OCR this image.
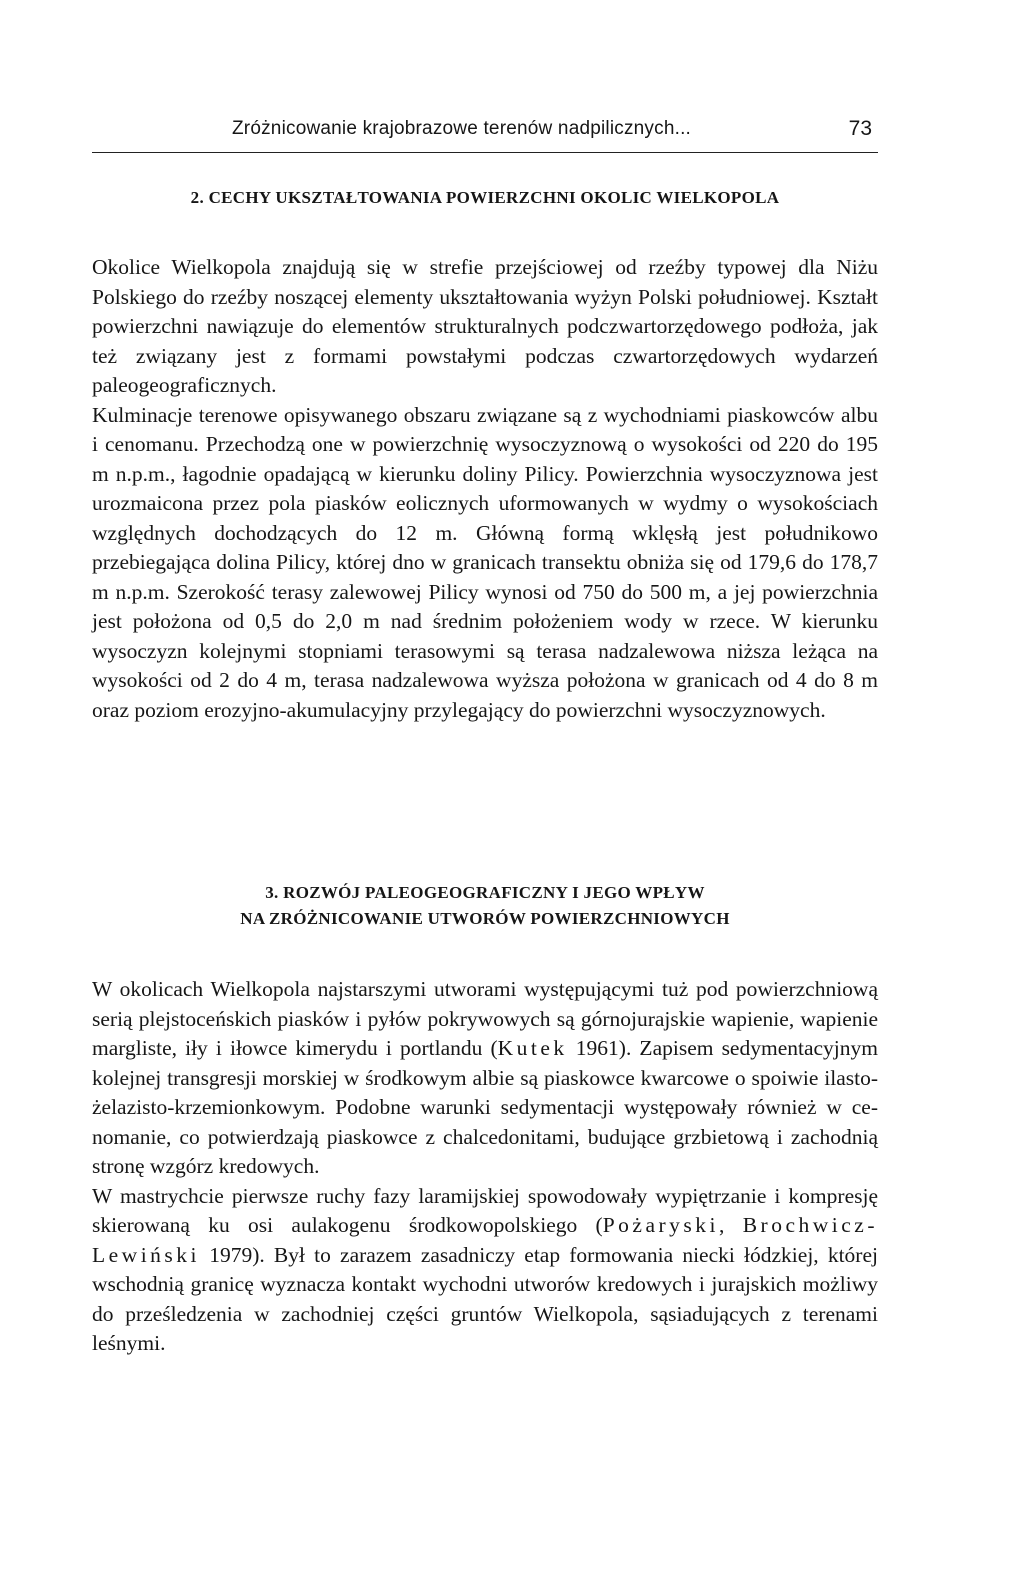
Zróżnicowanie krajobrazowe terenów nadpilicznych...	73
2. CECHY UKSZTAŁTOWANIA POWIERZCHNI OKOLIC WIELKOPOLA

Okolice Wielkopola znajdują się w strefie przejściowej od rzeźby typowej dla Niżu Polskiego do rzeźby noszącej elementy ukształtowania wyżyn Polski południowej. Kształt powierzchni nawiązuje do elementów strukturalnych podczwartorzędowego podłoża, jak też związany jest z formami powstałymi podczas czwartorzędowych wydarzeń paleogeograficznych.

Kulminacje terenowe opisywanego obszaru związane są z wychodniami piaskowców albu i cenomanu. Przechodzą one w powierzchnię wysoczyznową o wysokości od 220 do 195 m n.p.m., łagodnie opadającą w kierunku doliny Pilicy. Powierzchnia wysoczyznowa jest urozmaicona przez pola piasków eolicznych uformowanych w wydmy o wysokościach względnych dochodzących do 12 m. Główną formą wklęsłą jest południkowo przebiegająca dolina Pilicy, której dno w granicach transektu obniża się od 179,6 do 178,7 m n.p.m. Szerokość terasy zalewowej Pilicy wynosi od 750 do 500 m, a jej powierzchnia jest położona od 0,5 do 2,0 m nad średnim położeniem wody w rzece. W kierunku wysoczyzn kolejnymi stopniami terasowymi są terasa nadzalewowa niższa leżąca na wysokości od 2 do 4 m, terasa nadzalewowa wyższa położona w granicach od 4 do 8 m oraz poziom erozyjno-akumulacyjny przylegający do powierzchni wysoczyznowych.

3. ROZWÓJ PALEOGEOGRAFICZNY I JEGO WPŁYW
NA ZRÓŻNICOWANIE UTWORÓW POWIERZCHNIOWYCH

W okolicach Wielkopola najstarszymi utworami występującymi tuż pod powierzchniową serią plejstoceńskich piasków i pyłów pokrywowych są górnojurajskie wapienie, wapienie margliste, iły i iłowce kimerydu i portlandu (Kutek 1961). Zapisem sedymentacyjnym kolejnej transgresji morskiej w środkowym albie są piaskowce kwarcowe o spoiwie ilasto-żelazisto-krzemionkowym. Podobne warunki sedymentacji występowały również w cenomanie, co potwierdzają piaskowce z chalcedonitami, budujące grzbietową i zachodnią stronę wzgórz kredowych.

W mastrychcie pierwsze ruchy fazy laramijskiej spowodowały wypiętrzanie i kompresję skierowaną ku osi aulakogenu środkowopolskiego (Pożaryski, Brochwicz-Lewiński 1979). Był to zarazem zasadniczy etap formowania niecki łódzkiej, której wschodnią granicę wyznacza kontakt wychodni utworów kredowych i jurajskich możliwy do prześledzenia w zachodniej części gruntów Wielkopola, sąsiadujących z terenami leśnymi.
